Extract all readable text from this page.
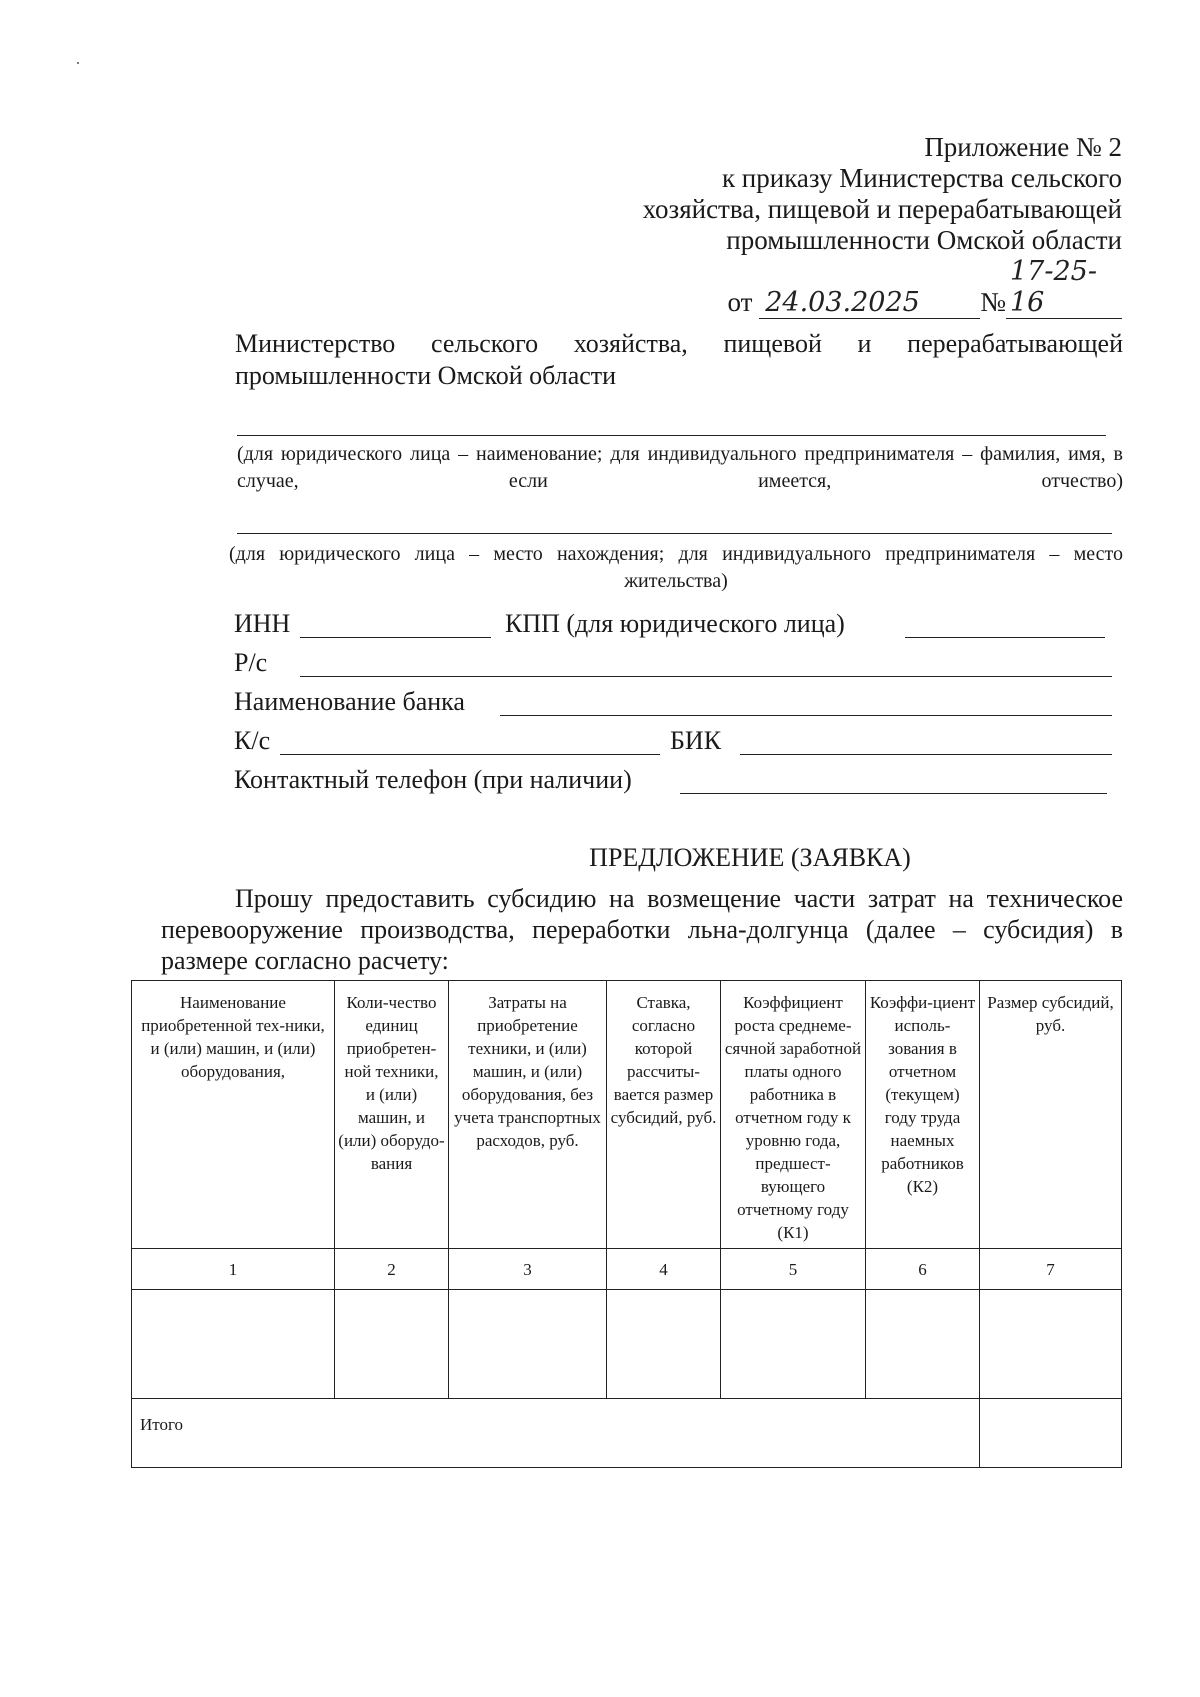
Приложение № 2
к приказу Министерства сельского
хозяйства, пищевой и перерабатывающей
промышленности Омской области
от 24.03.2025 №17-25-16
Министерство сельского хозяйства, пищевой и перерабатывающей промышленности Омской области
(для юридического лица – наименование; для индивидуального предпринимателя – фамилия, имя, в случае, если имеется, отчество)
(для юридического лица – место нахождения; для индивидуального предпринимателя – место жительства)
ИНН	КПП (для юридического лица)
Р/с
Наименование банка
К/с	БИК
Контактный телефон (при наличии)
ПРЕДЛОЖЕНИЕ (ЗАЯВКА)
Прошу предоставить субсидию на возмещение части затрат на техническое перевооружение производства, переработки льна-долгунца (далее – субсидия) в размере согласно расчету:
Наименование приобретенной тех-ники, и (или) машин, и (или) оборудования,	Коли-чество единиц приобретен-ной техники, и (или) машин, и (или) оборудо-вания	Затраты на приобретение техники, и (или) машин, и (или) оборудования, без учета транспортных расходов, руб.	Ставка, согласно которой рассчиты-вается размер субсидий, руб.	Коэффициент роста среднеме-сячной заработной платы одного работника в отчетном году к уровню года, предшест-вующего отчетному году (К1)	Коэффи-циент исполь-зования в отчетном (текущем) году труда наемных работников (К2)	Размер субсидий, руб.
1	2	3	4	5	6	7

Итого						
